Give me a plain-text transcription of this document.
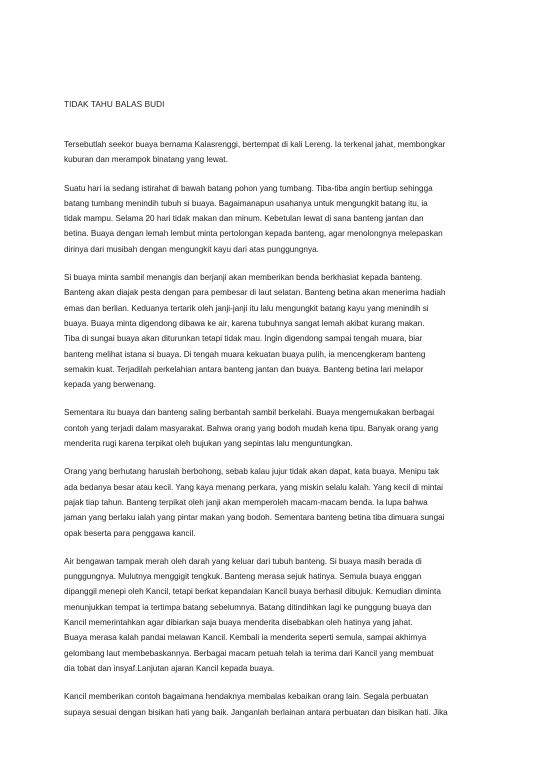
TIDAK TAHU BALAS BUDI
Tersebutlah seekor buaya bernama Kalasrenggi, bertempat di kali Lereng. Ia terkenal jahat, membongkar
kuburan dan merampok binatang yang lewat.
Suatu hari ia sedang istirahat di bawah batang pohon yang tumbang. Tiba-tiba angin bertiup sehingga
batang tumbang menindih tubuh si buaya. Bagaimanapun usahanya untuk mengungkit batang itu, ia
tidak mampu. Selama 20 hari tidak makan dan minum. Kebetulan lewat di sana banteng jantan dan
betina. Buaya dengan lemah lembut minta pertolongan kepada banteng, agar menolongnya melepaskan
dirinya dari musibah dengan mengungkit kayu dari atas punggungnya.
Si buaya minta sambil menangis dan berjanji akan memberikan benda berkhasiat kepada banteng.
Banteng akan diajak pesta dengan para pembesar di laut selatan. Banteng betina akan menerima hadiah
emas dan berlian. Keduanya tertarik oleh janji-janji itu lalu mengungkit batang kayu yang menindih si
buaya. Buaya minta digendong dibawa ke air, karena tubuhnya sangat lemah akibat kurang makan.
Tiba di sungai buaya akan diturunkan tetapi tidak mau. Ingin digendong sampai tengah muara, biar
banteng melihat istana si buaya. Di tengah muara kekuatan buaya pulih, ia mencengkeram banteng
semakin kuat. Terjadilah perkelahian antara banteng jantan dan buaya. Banteng betina lari melapor
kepada yang berwenang.
Sementara itu buaya dan banteng saling berbantah sambil berkelahi. Buaya mengemukakan berbagai
contoh yang terjadi dalam masyarakat. Bahwa orang yang bodoh mudah kena tipu. Banyak orang yang
menderita rugi karena terpikat oleh bujukan yang sepintas lalu menguntungkan.
Orang yang berhutang haruslah berbohong, sebab kalau jujur tidak akan dapat, kata buaya. Menipu tak
ada bedanya besar atau kecil. Yang kaya menang perkara, yang miskin selalu kalah. Yang kecil di mintai
pajak tiap tahun. Banteng terpikat oleh janji akan memperoleh macam-macam benda. Ia lupa bahwa
jaman yang berlaku ialah yang pintar makan yang bodoh. Sementara banteng betina tiba dimuara sungai
opak beserta para penggawa kancil.
Air bengawan tampak merah oleh darah yang keluar dari tubuh banteng. Si buaya masih berada di
punggungnya. Mulutnya menggigit tengkuk. Banteng merasa sejuk hatinya. Semula buaya enggan
dipanggil menepi oleh Kancil, tetapi berkat kepandaian Kancil buaya berhasil dibujuk. Kemudian diminta
menunjukkan tempat ia tertimpa batang sebelumnya. Batang ditindihkan lagi ke punggung buaya dan
Kancil memerintahkan agar dibiarkan saja buaya menderita disebabkan oleh hatinya yang jahat.
Buaya merasa kalah pandai melawan Kancil. Kembali ia menderita seperti semula, sampai akhirnya
gelombang laut membebaskannya. Berbagai macam petuah telah ia terima dari Kancil yang membuat
dia tobat dan insyaf.Lanjutan ajaran Kancil kepada buaya.
Kancil memberikan contoh bagaimana hendaknya membalas kebaikan orang lain. Segala perbuatan
supaya sesuai dengan bisikan hati yang baik. Janganlah berlainan antara perbuatan dan bisikan hati. Jika
